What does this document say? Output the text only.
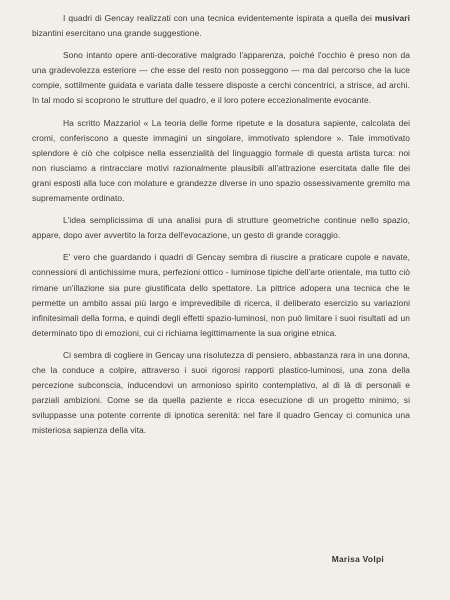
I quadri di Gencay realizzati con una tecnica evidentemente ispirata a quella dei musivari bizantini esercitano una grande suggestione.

Sono intanto opere anti-decorative malgrado l'apparenza, poiché l'occhio è preso non da una gradevolezza esteriore — che esse del resto non posseggono — ma dal percorso che la luce compie, sottilmente guidata e variata dalle tessere disposte a cerchi concentrici, a strisce, ad archi. In tal modo si scoprono le strutture del quadro, e il loro potere eccezionalmente evocante.

Ha scritto Mazzariol « La teoria delle forme ripetute e la dosatura sapiente, calcolata dei cromi, conferiscono a queste immagini un singolare, immotivato splendore ». Tale immotivato splendore è ciò che colpisce nella essenzialità del linguaggio formale di questa artista turca: noi non riusciamo a rintracciare motivi razionalmente plausibili all'attrazione esercitata dalle file dei grani esposti alla luce con molature e grandezze diverse in uno spazio ossessivamente gremito ma supremamente ordinato.

L'idea semplicissima di una analisi pura di strutture geometriche continue nello spazio, appare, dopo aver avvertito la forza dell'evocazione, un gesto di grande coraggio.

E' vero che guardando i quadri di Gencay sembra di riuscire a praticare cupole e navate, connessioni di antichissime mura, perfezioni ottico - luminose tipiche dell'arte orientale, ma tutto ciò rimane un'illazione sia pure giustificata dello spettatore. La pittrice adopera una tecnica che le permette un ambito assai più largo e imprevedibile di ricerca, il deliberato esercizio su variazioni infinitesimali della forma, e quindi degli effetti spazio-luminosi, non può limitare i suoi risultati ad un determinato tipo di emozioni, cui ci richiama legittimamente la sua origine etnica.

Ci sembra di cogliere in Gencay una risolutezza di pensiero, abbastanza rara in una donna, che la conduce a colpire, attraverso i suoi rigorosi rapporti plastico-luminosi, una zona della percezione subconscia, inducendovi un armonioso spirito contemplativo, al di là di personali e parziali ambizioni. Come se da quella paziente e ricca esecuzione di un progetto minimo, si sviluppasse una potente corrente di ipnotica serenità: nel fare il quadro Gencay ci comunica una misteriosa sapienza della vita.

Marisa Volpi
